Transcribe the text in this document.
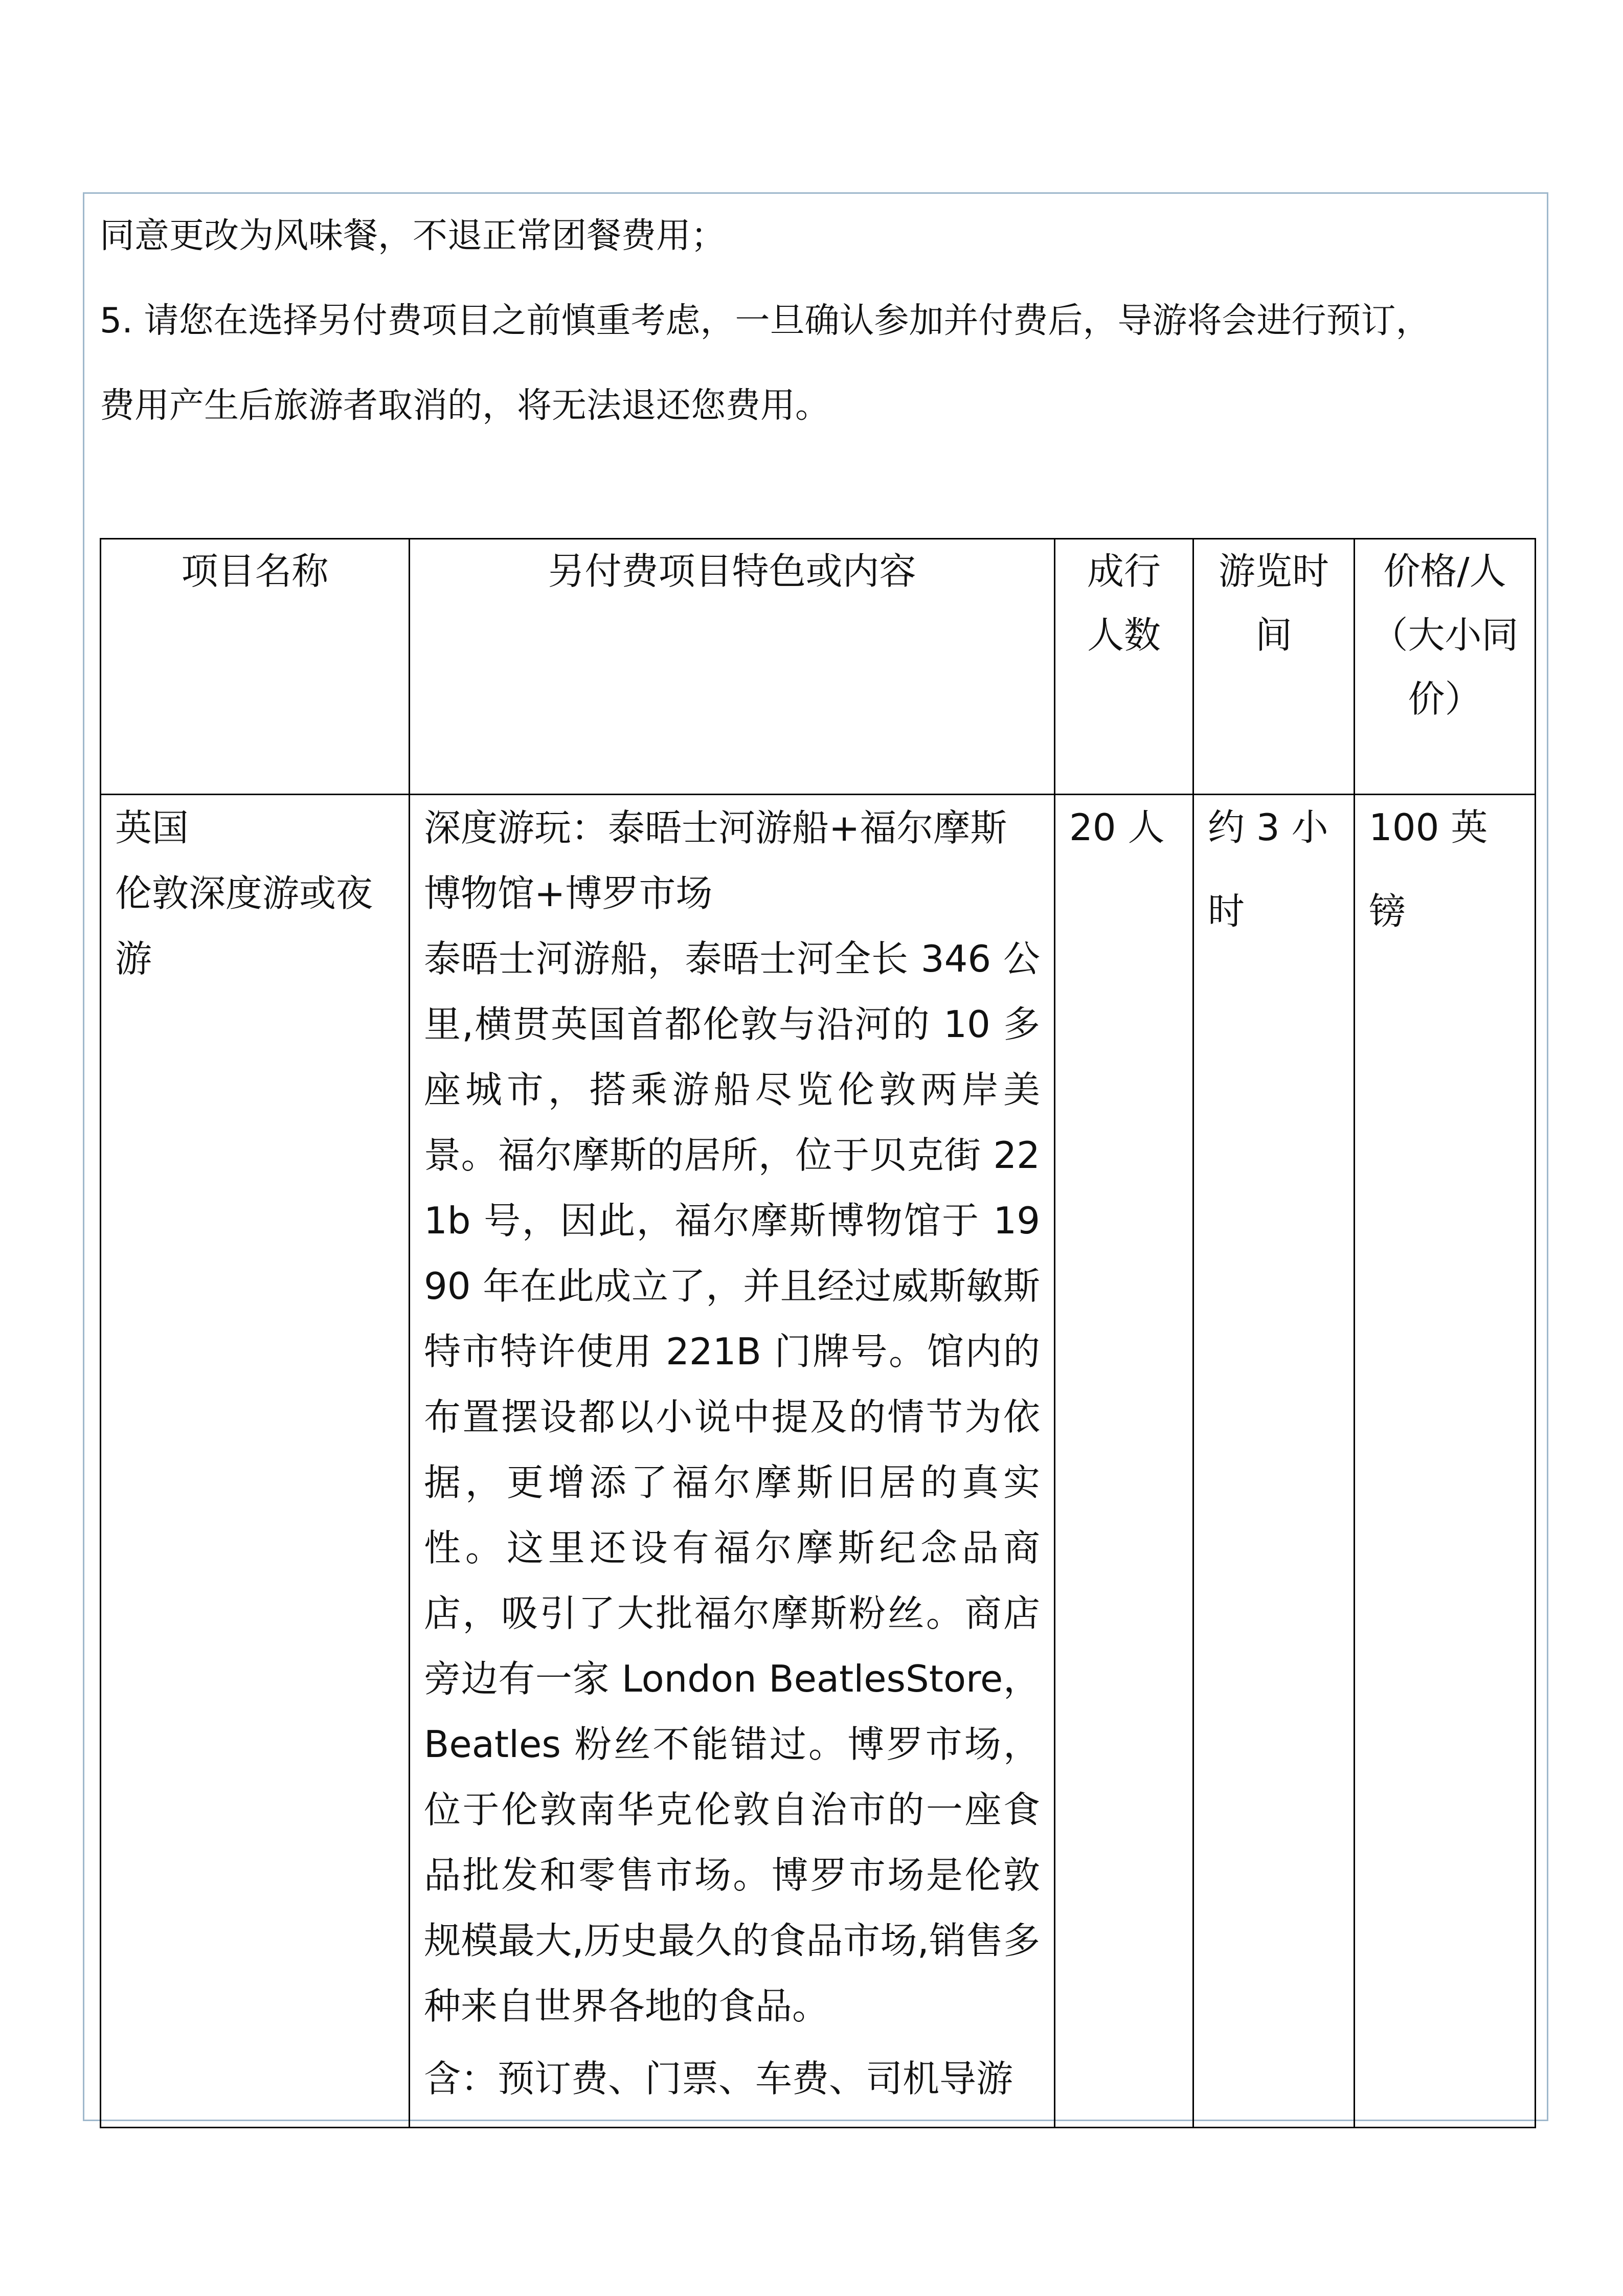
同意更改为风味餐，不退正常团餐费用；

5. 请您在选择另付费项目之前慎重考虑，一旦确认参加并付费后，导游将会进行预订，

费用产生后旅游者取消的，将无法退还您费用。

项目名称	另付费项目特色或内容	成行人数	游览时间	价格/人（大小同价）

英国
伦敦深度游或夜游	深度游玩：泰晤士河游船+福尔摩斯博物馆+博罗市场
泰晤士河游船，泰晤士河全长 346 公里,横贯英国首都伦敦与沿河的 10 多座城市，搭乘游船尽览伦敦两岸美景。福尔摩斯的居所，位于贝克街 221b 号，因此，福尔摩斯博物馆于 1990 年在此成立了，并且经过威斯敏斯特市特许使用 221B 门牌号。馆内的布置摆设都以小说中提及的情节为依据，更增添了福尔摩斯旧居的真实性。这里还设有福尔摩斯纪念品商店，吸引了大批福尔摩斯粉丝。商店旁边有一家 London BeatlesStore，Beatles 粉丝不能错过。博罗市场，位于伦敦南华克伦敦自治市的一座食品批发和零售市场。博罗市场是伦敦规模最大,历史最久的食品市场,销售多种来自世界各地的食品。
含：预订费、门票、车费、司机导游	20 人	约 3 小时	100 英镑
